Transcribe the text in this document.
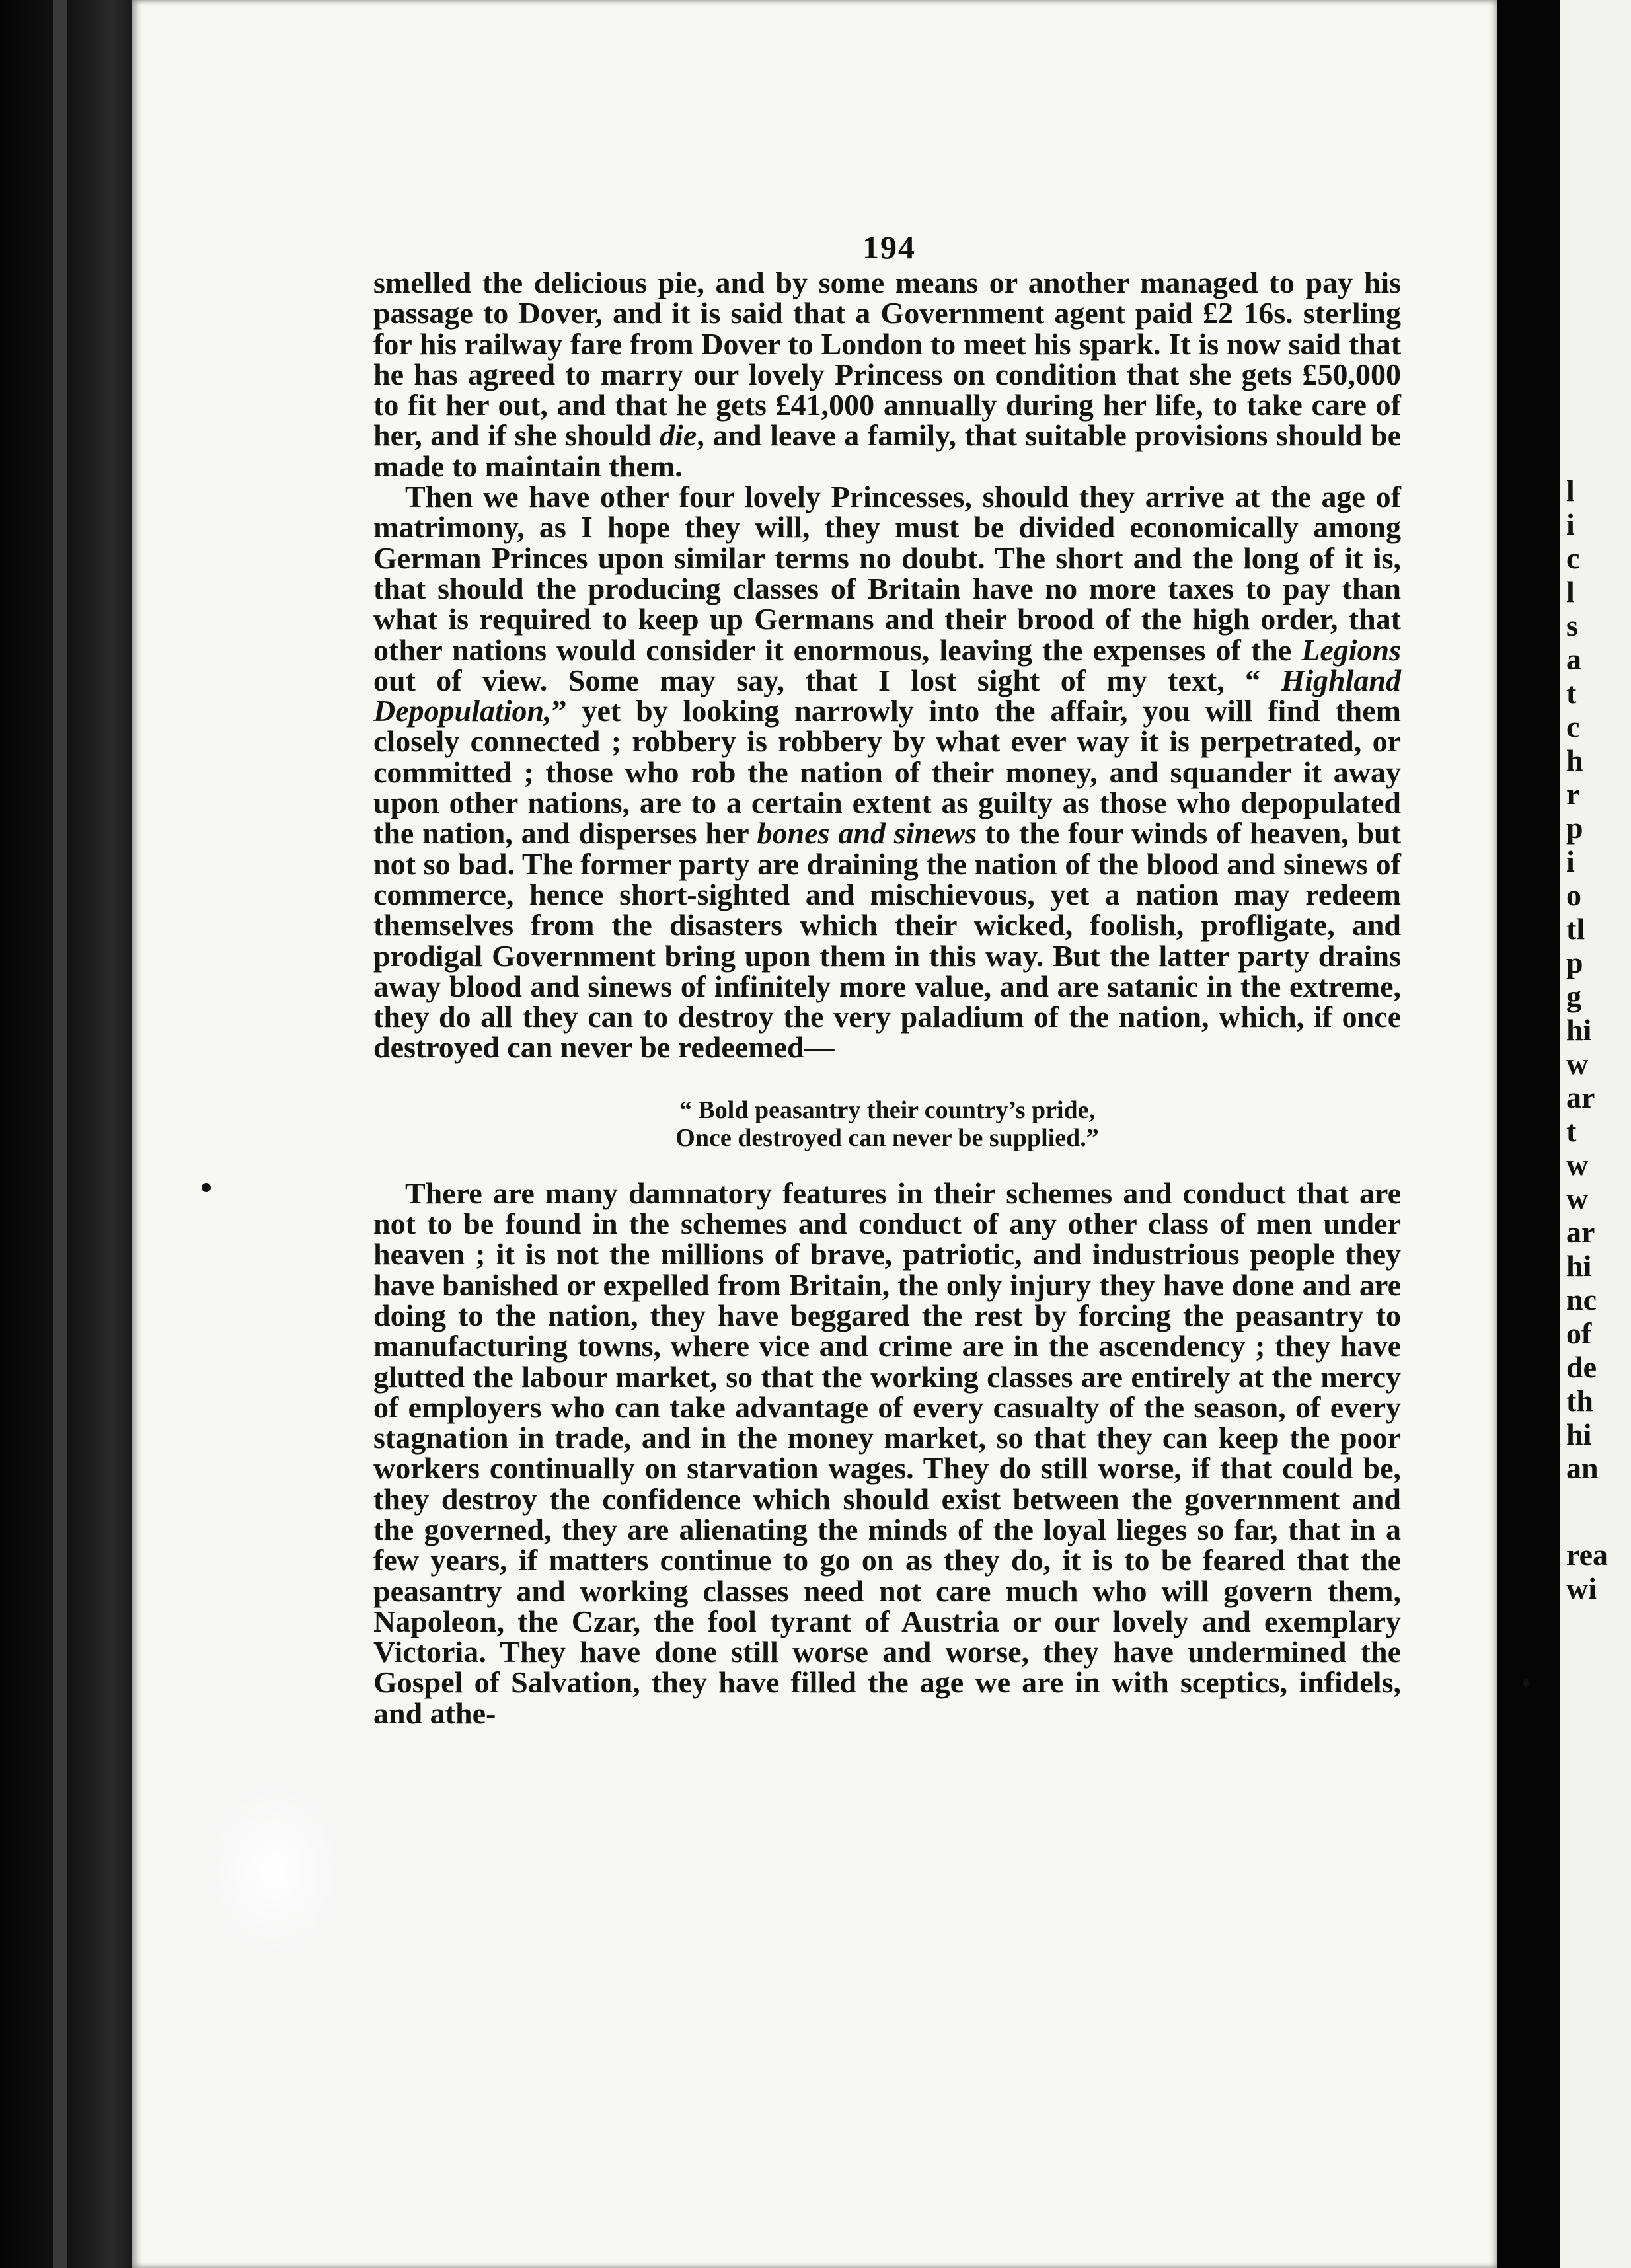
194

smelled the delicious pie, and by some means or another managed to pay his passage to Dover, and it is said that a Government agent paid £2 16s. sterling for his railway fare from Dover to London to meet his spark. It is now said that he has agreed to marry our lovely Princess on condition that she gets £50,000 to fit her out, and that he gets £41,000 annually during her life, to take care of her, and if she should die, and leave a family, that suitable provisions should be made to maintain them.

Then we have other four lovely Princesses, should they arrive at the age of matrimony, as I hope they will, they must be divided economically among German Princes upon similar terms no doubt. The short and the long of it is, that should the producing classes of Britain have no more taxes to pay than what is required to keep up Germans and their brood of the high order, that other nations would consider it enormous, leaving the expenses of the Legions out of view. Some may say, that I lost sight of my text, “ Highland Depopulation,” yet by looking narrowly into the affair, you will find them closely connected ; robbery is robbery by what ever way it is perpetrated, or committed ; those who rob the nation of their money, and squander it away upon other nations, are to a certain extent as guilty as those who depopulated the nation, and disperses her bones and sinews to the four winds of heaven, but not so bad. The former party are draining the nation of the blood and sinews of commerce, hence short-sighted and mischievous, yet a nation may redeem themselves from the disasters which their wicked, foolish, profligate, and prodigal Government bring upon them in this way. But the latter party drains away blood and sinews of infinitely more value, and are satanic in the extreme, they do all they can to destroy the very paladium of the nation, which, if once destroyed can never be redeemed—

“ Bold peasantry their country’s pride,
Once destroyed can never be supplied.”

There are many damnatory features in their schemes and conduct that are not to be found in the schemes and conduct of any other class of men under heaven ; it is not the millions of brave, patriotic, and industrious people they have banished or expelled from Britain, the only injury they have done and are doing to the nation, they have beggared the rest by forcing the peasantry to manufacturing towns, where vice and crime are in the ascendency ; they have glutted the labour market, so that the working classes are entirely at the mercy of employers who can take advantage of every casualty of the season, of every stagnation in trade, and in the money market, so that they can keep the poor workers continually on starvation wages. They do still worse, if that could be, they destroy the confidence which should exist between the government and the governed, they are alienating the minds of the loyal lieges so far, that in a few years, if matters continue to go on as they do, it is to be feared that the peasantry and working classes need not care much who will govern them, Napoleon, the Czar, the fool tyrant of Austria or our lovely and exemplary Victoria. They have done still worse and worse, they have undermined the Gospel of Salvation, they have filled the age we are in with sceptics, infidels, and athe-

l
i
c
l
s
a
t
c
h
r
p
i
o
tl
p
g
hi
w
ar
t
w
w
ar
hi
nc
of
de
th
hi
an
rea
wi
